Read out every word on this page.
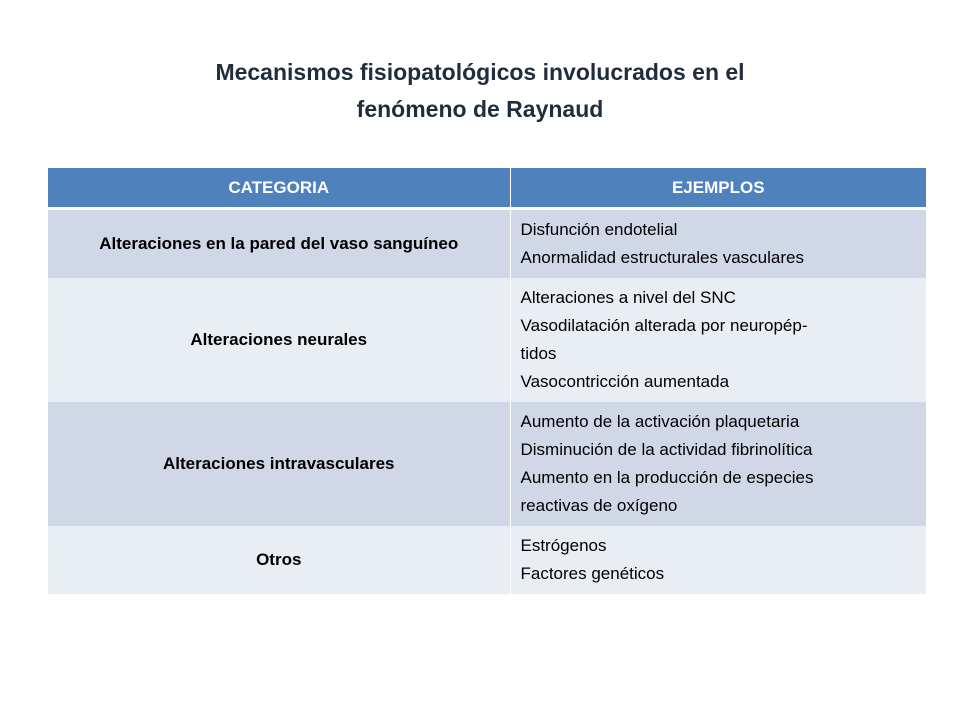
Mecanismos fisiopatológicos involucrados en el
fenómeno de Raynaud
CATEGORIA	EJEMPLOS
Alteraciones en la pared del vaso sanguíneo	Disfunción endotelial
Anormalidad estructurales vasculares

Alteraciones neurales	Alteraciones a nivel del SNC
Vasodilatación alterada por neuropép-
tidos
Vasocontricción aumentada

Alteraciones intravasculares	Aumento de la activación plaquetaria
Disminución de la actividad fibrinolítica
Aumento en la producción de especies
reactivas de oxígeno

Otros	Estrógenos
Factores genéticos
